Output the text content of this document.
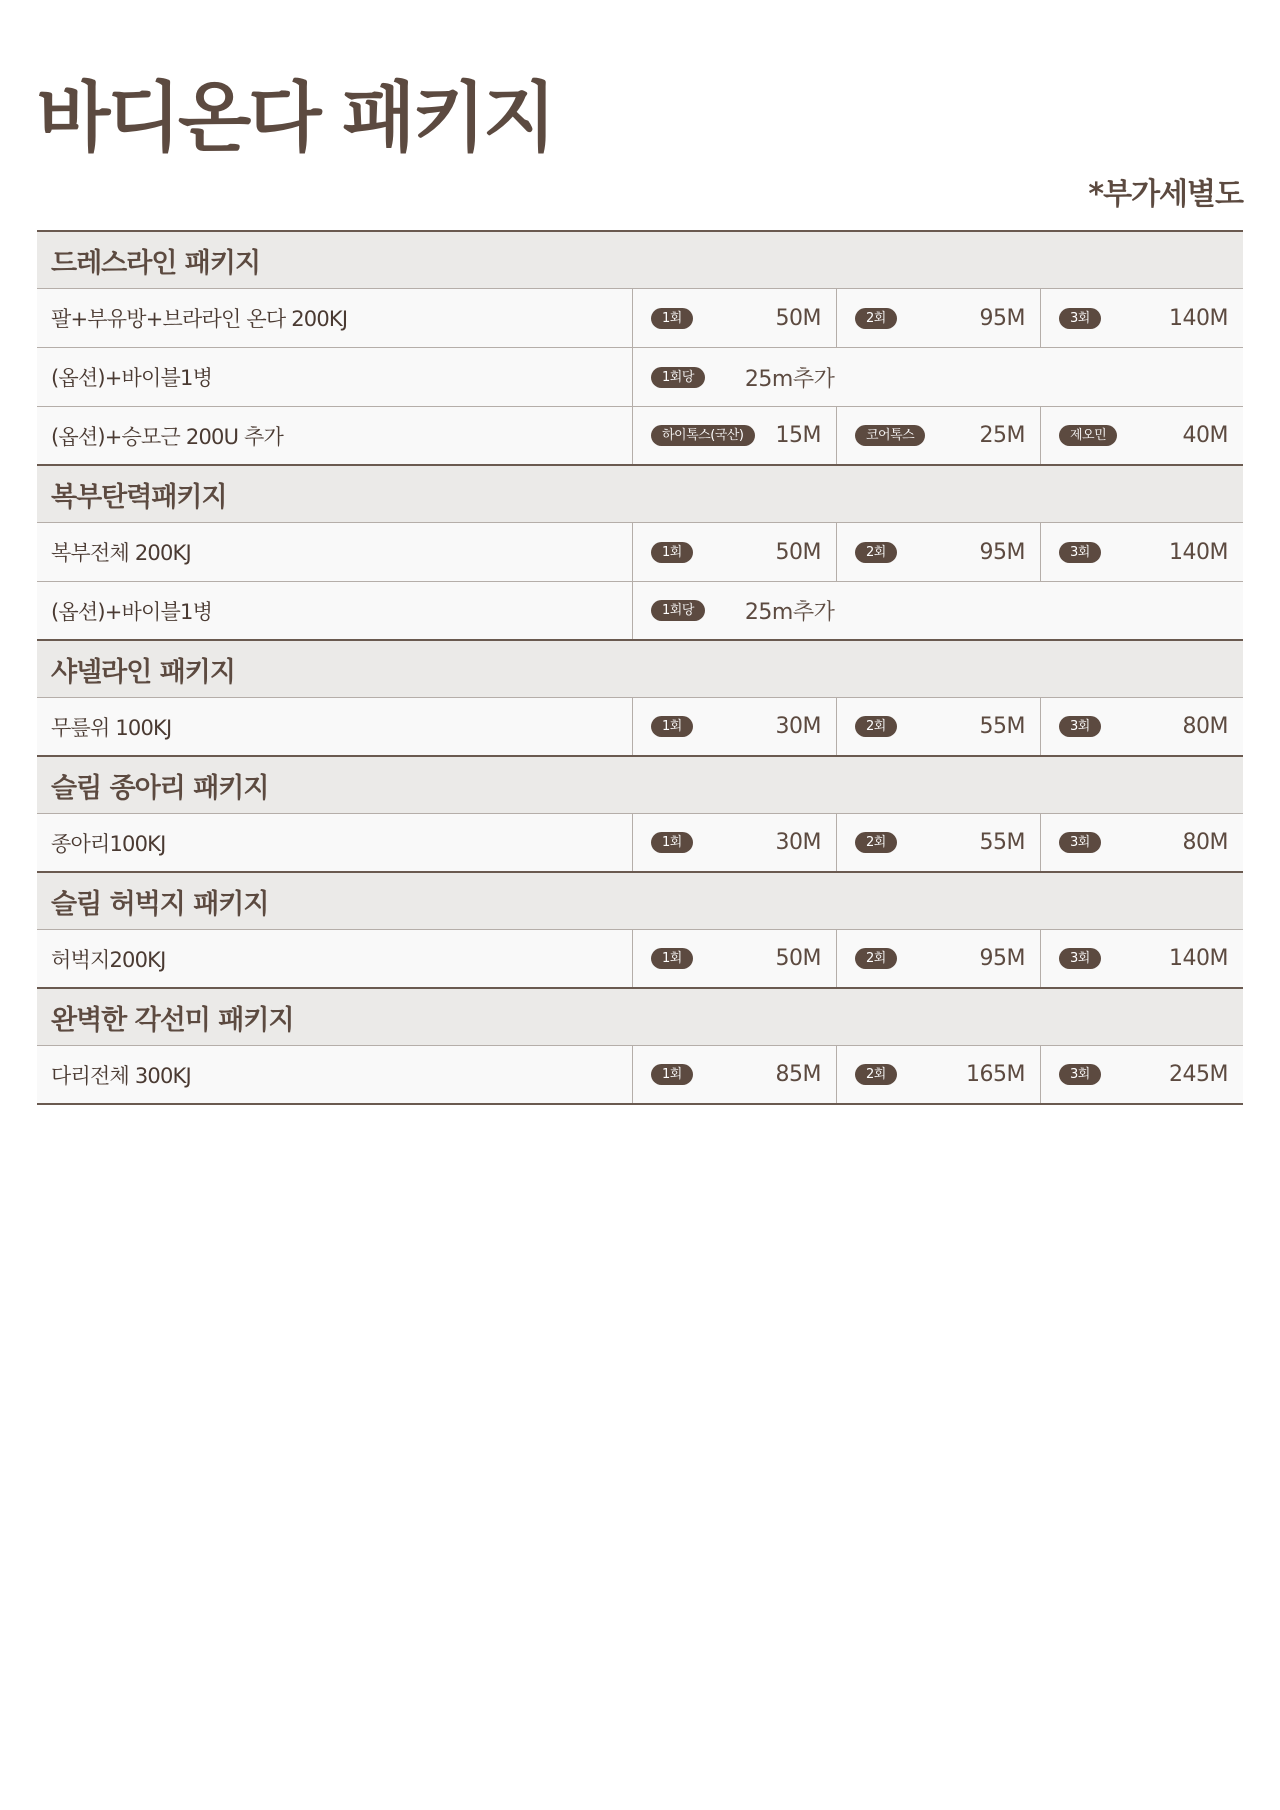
바디온다 패키지
*부가세별도
드레스라인 패키지
팔+부유방+브라라인 온다 200KJ	1회	50M	2회	95M	3회	140M
(옵션)+바이블1병	1회당	25m추가
(옵션)+승모근 200U 추가	하이톡스(국산)	15M	코어톡스	25M	제오민	40M
복부탄력패키지
복부전체 200KJ	1회	50M	2회	95M	3회	140M
(옵션)+바이블1병	1회당	25m추가
샤넬라인 패키지
무릎위 100KJ	1회	30M	2회	55M	3회	80M
슬림 종아리 패키지
종아리100KJ	1회	30M	2회	55M	3회	80M
슬림 허벅지 패키지
허벅지200KJ	1회	50M	2회	95M	3회	140M
완벽한 각선미 패키지
다리전체 300KJ	1회	85M	2회	165M	3회	245M
